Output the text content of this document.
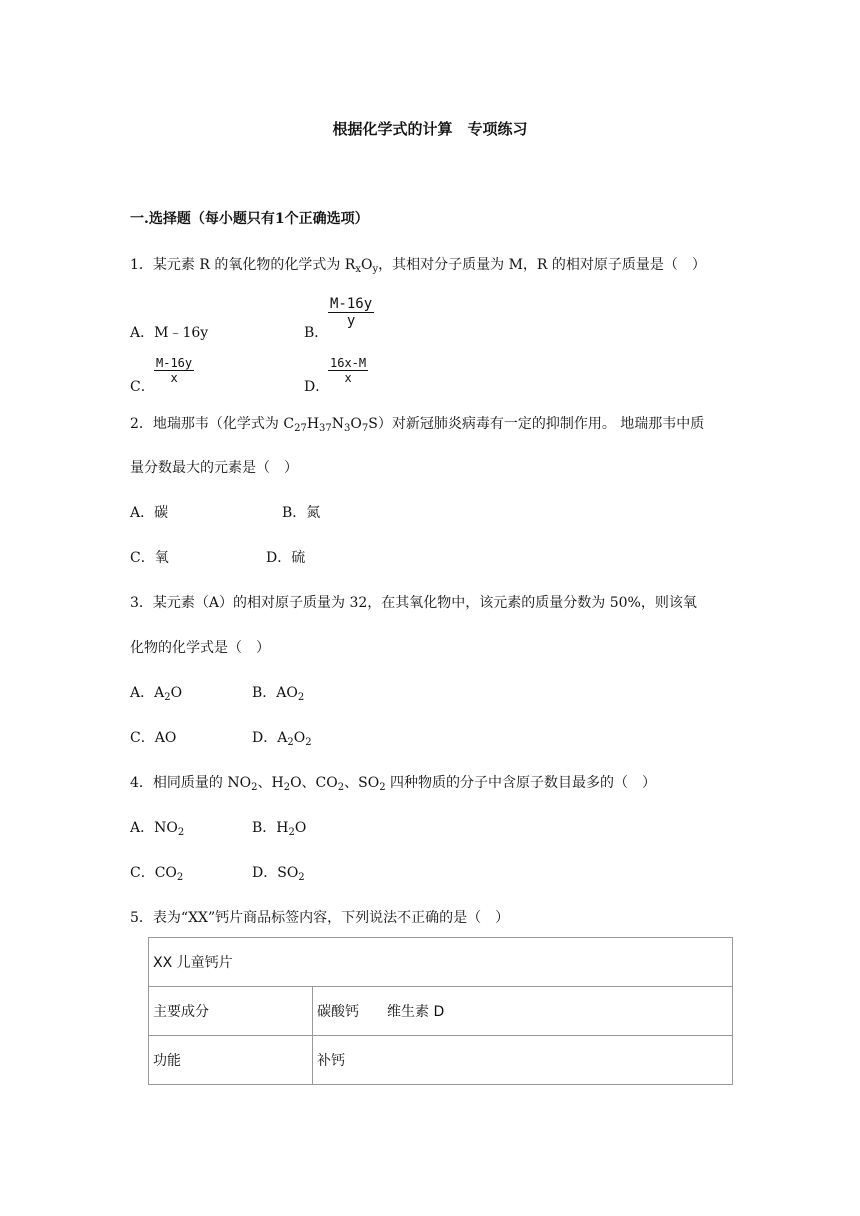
根据化学式的计算　专项练习
一.选择题（每小题只有1个正确选项）
1．某元素 R 的氧化物的化学式为 $R_xO_y$，其相对分子质量为 M，R 的相对原子质量是（　）
A．M﹣16y	B．
$\frac{M-16y}{y}$
C．
$\frac{M-16y}{x}$
D．
$\frac{16x-M}{x}$
2．地瑞那韦（化学式为 $C_{27}H_{37}N_3O_7S$）对新冠肺炎病毒有一定的抑制作用。 地瑞那韦中质
量分数最大的元素是（　）
A．碳	B．氮
C．氧	D．硫
3．某元素（A）的相对原子质量为 32，在其氧化物中，该元素的质量分数为 50%，则该氧
化物的化学式是（　）
A．$A_2O$	B．$AO_2$
C．AO	D．$A_2O_2$
4．相同质量的 $NO_2$、$H_2O$、$CO_2$、$SO_2$ 四种物质的分子中含原子数目最多的（　）
A．$NO_2$	B．$H_2O$
C．$CO_2$	D．$SO_2$
5．表为“XX”钙片商品标签内容，下列说法不正确的是（　）
XX 儿童钙片	
主要成分	碳酸钙　　维生素 D
功能	补钙
